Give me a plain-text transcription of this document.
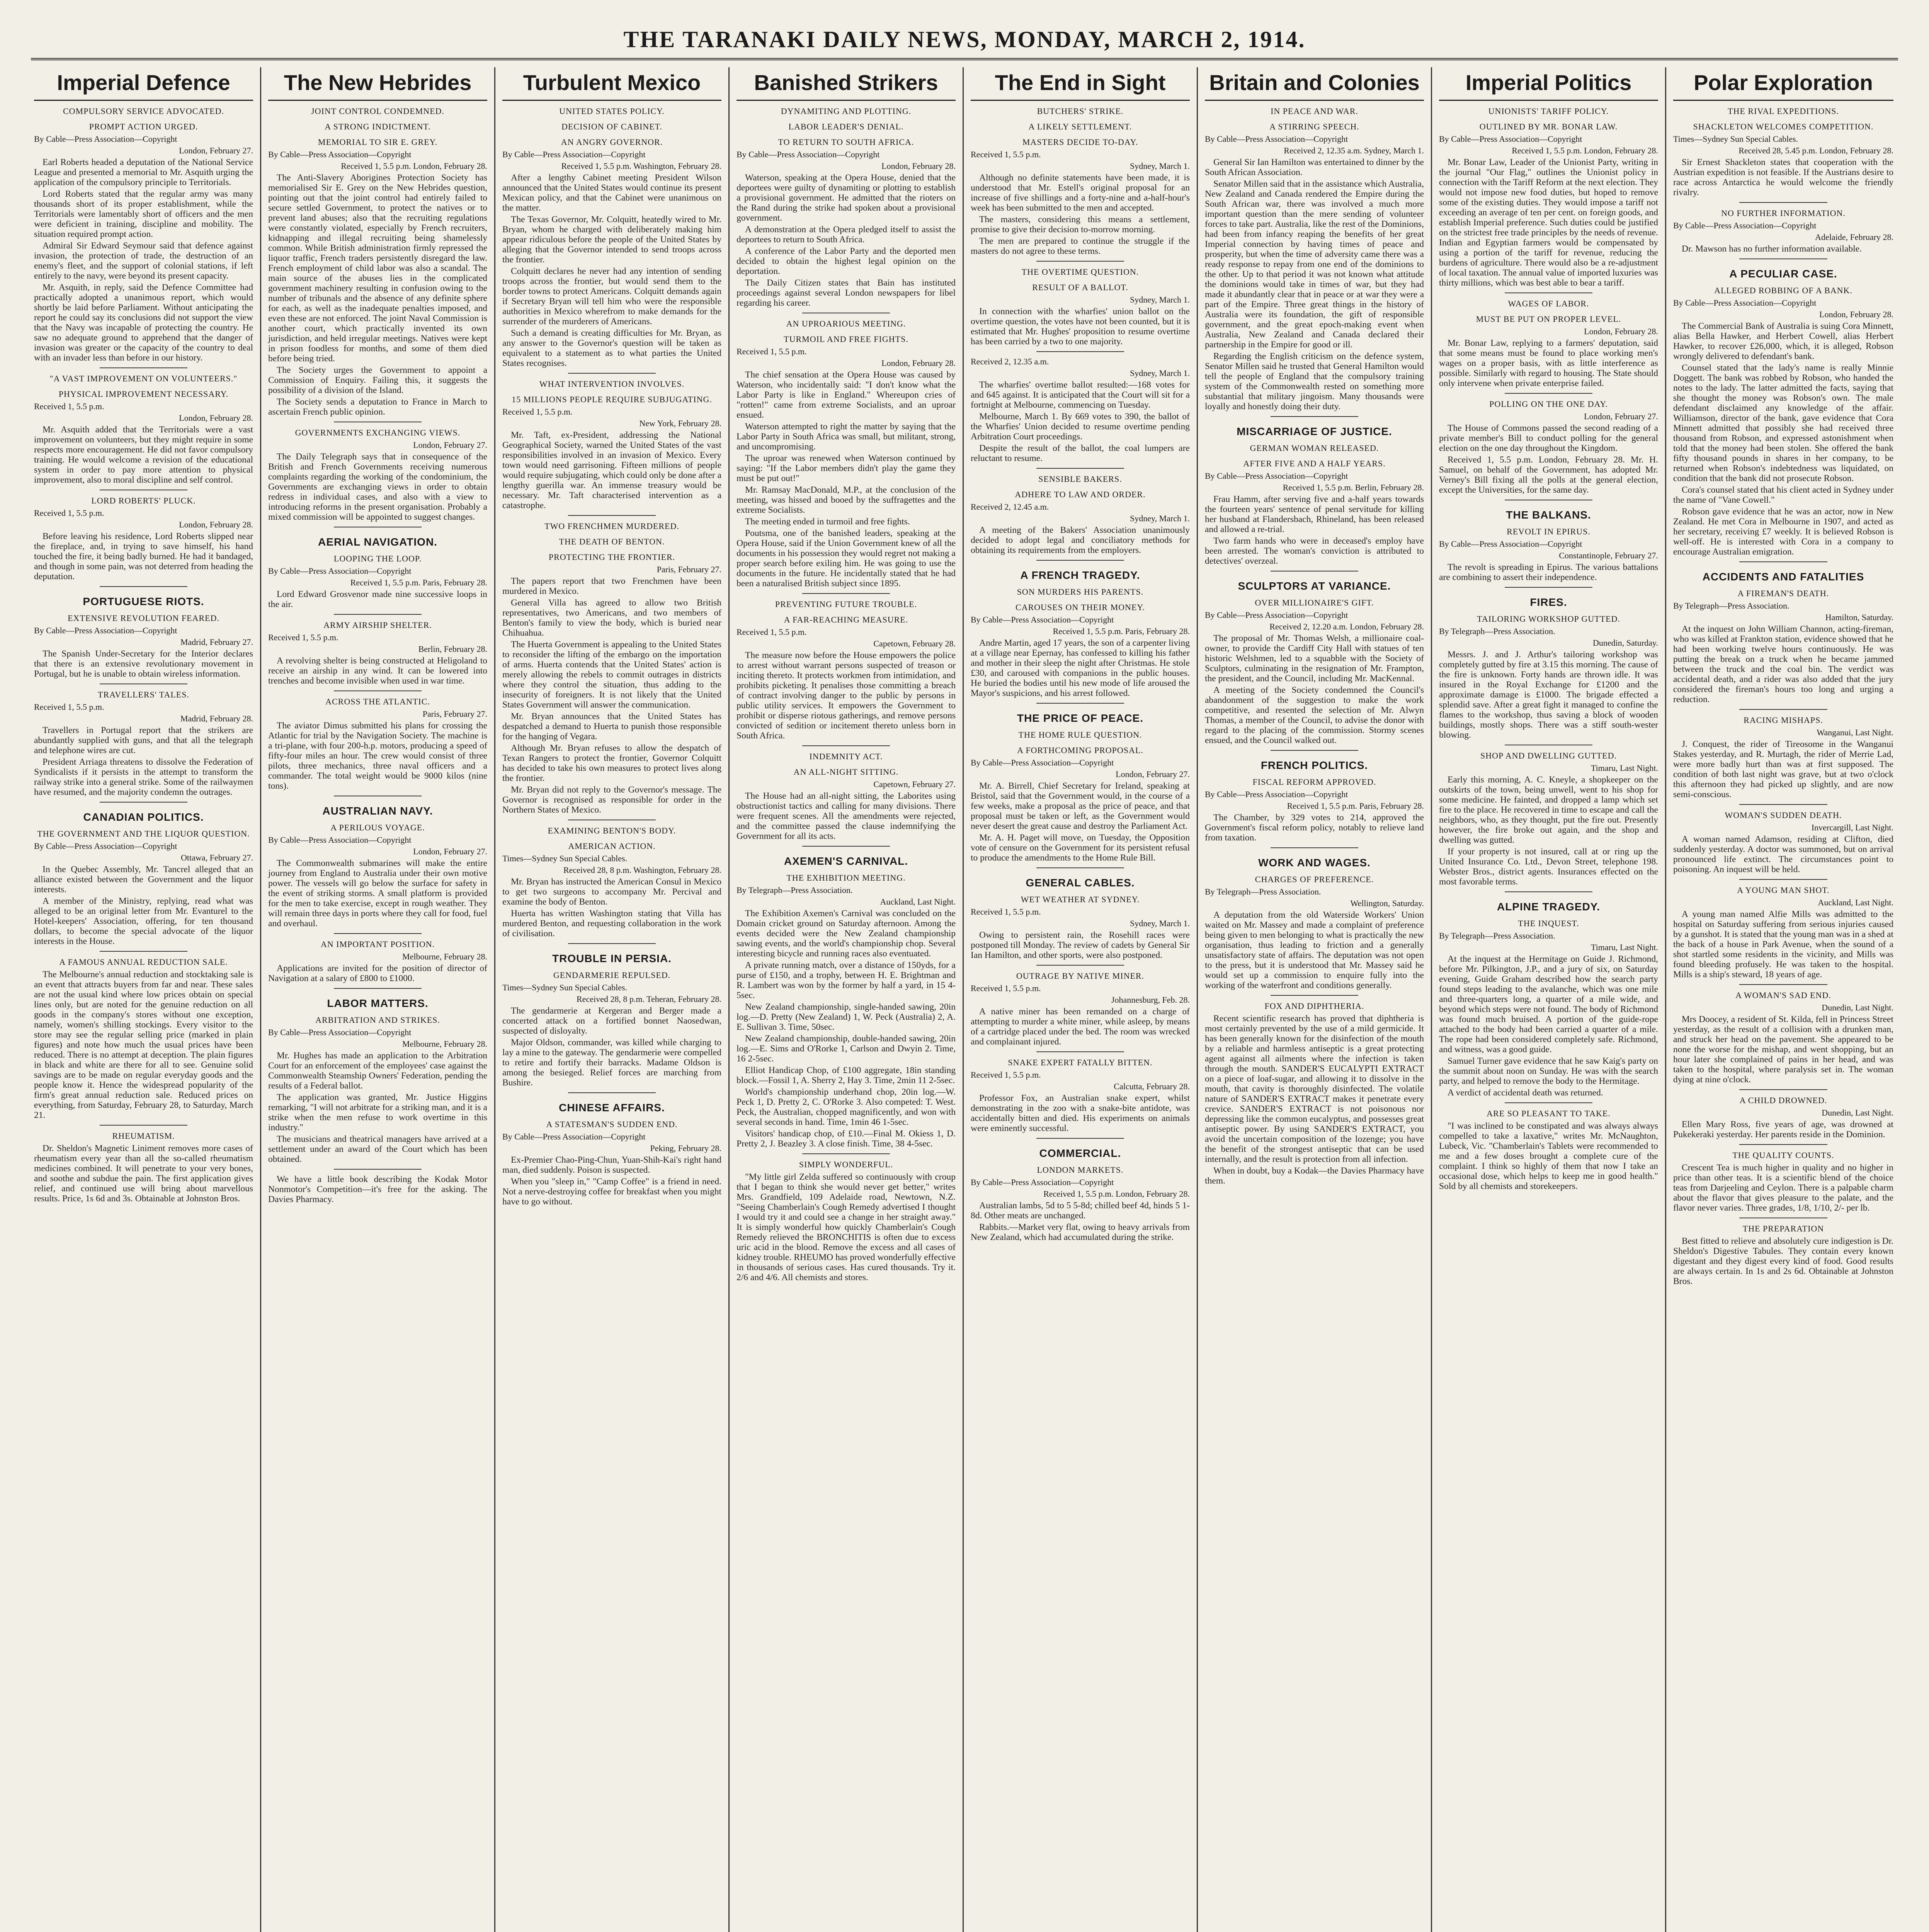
THE TARANAKI DAILY NEWS, MONDAY, MARCH 2, 1914.
Imperial Defence
COMPULSORY SERVICE ADVOCATED.
PROMPT ACTION URGED.
By Cable—Press Association—Copyright
London, February 27.

Earl Roberts headed a deputation of the National Service League and presented a memorial to Mr. Asquith urging the application of the compulsory principle to Territorials.

Lord Roberts stated that the regular army was many thousands short of its proper establishment, while the Territorials were lamentably short of officers and the men were deficient in training, discipline and mobility. The situation required prompt action.

Admiral Sir Edward Seymour said that defence against invasion, the protection of trade, the destruction of an enemy's fleet, and the support of colonial stations, if left entirely to the navy, were beyond its present capacity.

Mr. Asquith, in reply, said the Defence Committee had practically adopted a unanimous report, which would shortly be laid before Parliament. Without anticipating the report he could say its conclusions did not support the view that the Navy was incapable of protecting the country. He saw no adequate ground to apprehend that the danger of invasion was greater or the capacity of the country to deal with an invader less than before in our history.

"A VAST IMPROVEMENT ON VOLUNTEERS."
PHYSICAL IMPROVEMENT NECESSARY.
Received 1, 5.5 p.m.
London, February 28.

Mr. Asquith added that the Territorials were a vast improvement on volunteers, but they might require in some respects more encouragement. He did not favor compulsory training. He would welcome a revision of the educational system in order to pay more attention to physical improvement, also to moral discipline and self control.

LORD ROBERTS' PLUCK.
Received 1, 5.5 p.m.
London, February 28.

Before leaving his residence, Lord Roberts slipped near the fireplace, and, in trying to save himself, his hand touched the fire, it being badly burned. He had it bandaged, and though in some pain, was not deterred from heading the deputation.

PORTUGUESE RIOTS.
EXTENSIVE REVOLUTION FEARED.
By Cable—Press Association—Copyright
Madrid, February 27.

The Spanish Under-Secretary for the Interior declares that there is an extensive revolutionary movement in Portugal, but he is unable to obtain wireless information.

TRAVELLERS' TALES.
Received 1, 5.5 p.m.
Madrid, February 28.

Travellers in Portugal report that the strikers are abundantly supplied with guns, and that all the telegraph and telephone wires are cut.

President Arriaga threatens to dissolve the Federation of Syndicalists if it persists in the attempt to transform the railway strike into a general strike. Some of the railwaymen have resumed, and the majority condemn the outrages.

CANADIAN POLITICS.
THE GOVERNMENT AND THE LIQUOR QUESTION.
By Cable—Press Association—Copyright
Ottawa, February 27.

In the Quebec Assembly, Mr. Tancrel alleged that an alliance existed between the Government and the liquor interests.

A member of the Ministry, replying, read what was alleged to be an original letter from Mr. Evanturel to the Hotel-keepers' Association, offering, for ten thousand dollars, to become the special advocate of the liquor interests in the House.

A FAMOUS ANNUAL REDUCTION SALE.

The Melbourne's annual reduction and stocktaking sale is an event that attracts buyers from far and near. These sales are not the usual kind where low prices obtain on special lines only, but are noted for the genuine reduction on all goods in the company's stores without one exception, namely, women's shilling stockings. Every visitor to the store may see the regular selling price (marked in plain figures) and note how much the usual prices have been reduced. There is no attempt at deception. The plain figures in black and white are there for all to see. Genuine solid savings are to be made on regular everyday goods and the people know it. Hence the widespread popularity of the firm's great annual reduction sale. Reduced prices on everything, from Saturday, February 28, to Saturday, March 21.

RHEUMATISM.

Dr. Sheldon's Magnetic Liniment removes more cases of rheumatism every year than all the so-called rheumatism medicines combined. It will penetrate to your very bones, and soothe and subdue the pain. The first application gives relief, and continued use will bring about marvellous results. Price, 1s 6d and 3s. Obtainable at Johnston Bros.

The New Hebrides
JOINT CONTROL CONDEMNED.
A STRONG INDICTMENT.
MEMORIAL TO SIR E. GREY.
By Cable—Press Association—Copyright
Received 1, 5.5 p.m. London, February 28.

The Anti-Slavery Aborigines Protection Society has memorialised Sir E. Grey on the New Hebrides question, pointing out that the joint control had entirely failed to secure settled Government, to protect the natives or to prevent land abuses; also that the recruiting regulations were constantly violated, especially by French recruiters, kidnapping and illegal recruiting being shamelessly common. While British administration firmly repressed the liquor traffic, French traders persistently disregard the law. French employment of child labor was also a scandal. The main source of the abuses lies in the complicated government machinery resulting in confusion owing to the number of tribunals and the absence of any definite sphere for each, as well as the inadequate penalties imposed, and even these are not enforced. The joint Naval Commission is another court, which practically invented its own jurisdiction, and held irregular meetings. Natives were kept in prison foodless for months, and some of them died before being tried.

The Society urges the Government to appoint a Commission of Enquiry. Failing this, it suggests the possibility of a division of the Island.

The Society sends a deputation to France in March to ascertain French public opinion.

GOVERNMENTS EXCHANGING VIEWS.
London, February 27.

The Daily Telegraph says that in consequence of the British and French Governments receiving numerous complaints regarding the working of the condominium, the Governments are exchanging views in order to obtain redress in individual cases, and also with a view to introducing reforms in the present organisation. Probably a mixed commission will be appointed to suggest changes.

AERIAL NAVIGATION.
LOOPING THE LOOP.
By Cable—Press Association—Copyright
Received 1, 5.5 p.m. Paris, February 28.

Lord Edward Grosvenor made nine successive loops in the air.

ARMY AIRSHIP SHELTER.
Received 1, 5.5 p.m.
Berlin, February 28.

A revolving shelter is being constructed at Heligoland to receive an airship in any wind. It can be lowered into trenches and become invisible when used in war time.

ACROSS THE ATLANTIC.
Paris, February 27.

The aviator Dimus submitted his plans for crossing the Atlantic for trial by the Navigation Society. The machine is a tri-plane, with four 200-h.p. motors, producing a speed of fifty-four miles an hour. The crew would consist of three pilots, three mechanics, three naval officers and a commander. The total weight would be 9000 kilos (nine tons).

AUSTRALIAN NAVY.
A PERILOUS VOYAGE.
By Cable—Press Association—Copyright
London, February 27.

The Commonwealth submarines will make the entire journey from England to Australia under their own motive power. The vessels will go below the surface for safety in the event of striking storms. A small platform is provided for the men to take exercise, except in rough weather. They will remain three days in ports where they call for food, fuel and overhaul.

AN IMPORTANT POSITION.
Melbourne, February 28.

Applications are invited for the position of director of Navigation at a salary of £800 to £1000.

LABOR MATTERS.
ARBITRATION AND STRIKES.
By Cable—Press Association—Copyright
Melbourne, February 28.

Mr. Hughes has made an application to the Arbitration Court for an enforcement of the employees' case against the Commonwealth Steamship Owners' Federation, pending the results of a Federal ballot.

The application was granted, Mr. Justice Higgins remarking, "I will not arbitrate for a striking man, and it is a strike when the men refuse to work overtime in this industry."

The musicians and theatrical managers have arrived at a settlement under an award of the Court which has been obtained.

We have a little book describing the Kodak Motor Nonmotor's Competition—it's free for the asking. The Davies Pharmacy.

Turbulent Mexico
UNITED STATES POLICY.
DECISION OF CABINET.
AN ANGRY GOVERNOR.
By Cable—Press Association—Copyright
Received 1, 5.5 p.m. Washington, February 28.

After a lengthy Cabinet meeting President Wilson announced that the United States would continue its present Mexican policy, and that the Cabinet were unanimous on the matter.

The Texas Governor, Mr. Colquitt, heatedly wired to Mr. Bryan, whom he charged with deliberately making him appear ridiculous before the people of the United States by alleging that the Governor intended to send troops across the frontier.

Colquitt declares he never had any intention of sending troops across the frontier, but would send them to the border towns to protect Americans. Colquitt demands again if Secretary Bryan will tell him who were the responsible authorities in Mexico wherefrom to make demands for the surrender of the murderers of Americans.

Such a demand is creating difficulties for Mr. Bryan, as any answer to the Governor's question will be taken as equivalent to a statement as to what parties the United States recognises.

WHAT INTERVENTION INVOLVES.
15 MILLIONS PEOPLE REQUIRE SUBJUGATING.
Received 1, 5.5 p.m.
New York, February 28.

Mr. Taft, ex-President, addressing the National Geographical Society, warned the United States of the vast responsibilities involved in an invasion of Mexico. Every town would need garrisoning. Fifteen millions of people would require subjugating, which could only be done after a lengthy guerilla war. An immense treasury would be necessary. Mr. Taft characterised intervention as a catastrophe.

TWO FRENCHMEN MURDERED.
THE DEATH OF BENTON.
PROTECTING THE FRONTIER.
Paris, February 27.

The papers report that two Frenchmen have been murdered in Mexico.

General Villa has agreed to allow two British representatives, two Americans, and two members of Benton's family to view the body, which is buried near Chihuahua.

The Huerta Government is appealing to the United States to reconsider the lifting of the embargo on the importation of arms. Huerta contends that the United States' action is merely allowing the rebels to commit outrages in districts where they control the situation, thus adding to the insecurity of foreigners. It is not likely that the United States Government will answer the communication.

Mr. Bryan announces that the United States has despatched a demand to Huerta to punish those responsible for the hanging of Vegara.

Although Mr. Bryan refuses to allow the despatch of Texan Rangers to protect the frontier, Governor Colquitt has decided to take his own measures to protect lives along the frontier.

Mr. Bryan did not reply to the Governor's message. The Governor is recognised as responsible for order in the Northern States of Mexico.

EXAMINING BENTON'S BODY.
AMERICAN ACTION.
Times—Sydney Sun Special Cables.
Received 28, 8 p.m. Washington, February 28.

Mr. Bryan has instructed the American Consul in Mexico to get two surgeons to accompany Mr. Percival and examine the body of Benton.

Huerta has written Washington stating that Villa has murdered Benton, and requesting collaboration in the work of civilisation.

TROUBLE IN PERSIA.
GENDARMERIE REPULSED.
Times—Sydney Sun Special Cables.
Received 28, 8 p.m. Teheran, February 28.

The gendarmerie at Kergeran and Berger made a concerted attack on a fortified bonnet Naosedwan, suspected of disloyalty.

Major Oldson, commander, was killed while charging to lay a mine to the gateway. The gendarmerie were compelled to retire and fortify their barracks. Madame Oldson is among the besieged. Relief forces are marching from Bushire.

CHINESE AFFAIRS.
A STATESMAN'S SUDDEN END.
By Cable—Press Association—Copyright
Peking, February 28.

Ex-Premier Chao-Ping-Chun, Yuan-Shih-Kai's right hand man, died suddenly. Poison is suspected.

When you "sleep in," "Camp Coffee" is a friend in need. Not a nerve-destroying coffee for breakfast when you might have to go without.

Banished Strikers
DYNAMITING AND PLOTTING.
LABOR LEADER'S DENIAL.
TO RETURN TO SOUTH AFRICA.
By Cable—Press Association—Copyright
London, February 28.

Waterson, speaking at the Opera House, denied that the deportees were guilty of dynamiting or plotting to establish a provisional government. He admitted that the rioters on the Rand during the strike had spoken about a provisional government.

A demonstration at the Opera pledged itself to assist the deportees to return to South Africa.

A conference of the Labor Party and the deported men decided to obtain the highest legal opinion on the deportation.

The Daily Citizen states that Bain has instituted proceedings against several London newspapers for libel regarding his career.

AN UPROARIOUS MEETING.
TURMOIL AND FREE FIGHTS.
Received 1, 5.5 p.m.
London, February 28.

The chief sensation at the Opera House was caused by Waterson, who incidentally said: "I don't know what the Labor Party is like in England." Whereupon cries of "rotten!" came from extreme Socialists, and an uproar ensued.

Waterson attempted to right the matter by saying that the Labor Party in South Africa was small, but militant, strong, and uncompromising.

The uproar was renewed when Waterson continued by saying: "If the Labor members didn't play the game they must be put out!"

Mr. Ramsay MacDonald, M.P., at the conclusion of the meeting, was hissed and booed by the suffragettes and the extreme Socialists.

The meeting ended in turmoil and free fights.

Poutsma, one of the banished leaders, speaking at the Opera House, said if the Union Government knew of all the documents in his possession they would regret not making a proper search before exiling him. He was going to use the documents in the future. He incidentally stated that he had been a naturalised British subject since 1895.

PREVENTING FUTURE TROUBLE.
A FAR-REACHING MEASURE.
Received 1, 5.5 p.m.
Capetown, February 28.

The measure now before the House empowers the police to arrest without warrant persons suspected of treason or inciting thereto. It protects workmen from intimidation, and prohibits picketing. It penalises those committing a breach of contract involving danger to the public by persons in public utility services. It empowers the Government to prohibit or disperse riotous gatherings, and remove persons convicted of sedition or incitement thereto unless born in South Africa.

INDEMNITY ACT.
AN ALL-NIGHT SITTING.
Capetown, February 27.

The House had an all-night sitting, the Laborites using obstructionist tactics and calling for many divisions. There were frequent scenes. All the amendments were rejected, and the committee passed the clause indemnifying the Government for all its acts.

AXEMEN'S CARNIVAL.
THE EXHIBITION MEETING.
By Telegraph—Press Association.
Auckland, Last Night.

The Exhibition Axemen's Carnival was concluded on the Domain cricket ground on Saturday afternoon. Among the events decided were the New Zealand championship sawing events, and the world's championship chop. Several interesting bicycle and running races also eventuated.

A private running match, over a distance of 150yds, for a purse of £150, and a trophy, between H. E. Brightman and R. Lambert was won by the former by half a yard, in 15 4-5sec.

New Zealand championship, single-handed sawing, 20in log.—D. Pretty (New Zealand) 1, W. Peck (Australia) 2, A. E. Sullivan 3. Time, 50sec.

New Zealand championship, double-handed sawing, 20in log.—E. Sims and O'Rorke 1, Carlson and Dwyin 2. Time, 16 2-5sec.

Elliot Handicap Chop, of £100 aggregate, 18in standing block.—Fossil 1, A. Sherry 2, Hay 3. Time, 2min 11 2-5sec.

World's championship underhand chop, 20in log.—W. Peck 1, D. Pretty 2, C. O'Rorke 3. Also competed: T. West. Peck, the Australian, chopped magnificently, and won with several seconds in hand. Time, 1min 46 1-5sec.

Visitors' handicap chop, of £10.—Final M. Okiess 1, D. Pretty 2, J. Beazley 3. A close finish. Time, 38 4-5sec.

SIMPLY WONDERFUL.

"My little girl Zelda suffered so continuously with croup that I began to think she would never get better," writes Mrs. Grandfield, 109 Adelaide road, Newtown, N.Z. "Seeing Chamberlain's Cough Remedy advertised I thought I would try it and could see a change in her straight away." It is simply wonderful how quickly Chamberlain's Cough Remedy relieved the BRONCHITIS is often due to excess uric acid in the blood. Remove the excess and all cases of kidney trouble. RHEUMO has proved wonderfully effective in thousands of serious cases. Has cured thousands. Try it. 2/6 and 4/6. All chemists and stores.

The End in Sight
BUTCHERS' STRIKE.
A LIKELY SETTLEMENT.
MASTERS DECIDE TO-DAY.
Received 1, 5.5 p.m.
Sydney, March 1.

Although no definite statements have been made, it is understood that Mr. Estell's original proposal for an increase of five shillings and a forty-nine and a-half-hour's week has been submitted to the men and accepted.

The masters, considering this means a settlement, promise to give their decision to-morrow morning.

The men are prepared to continue the struggle if the masters do not agree to these terms.

THE OVERTIME QUESTION.
RESULT OF A BALLOT.
Sydney, March 1.

In connection with the wharfies' union ballot on the overtime question, the votes have not been counted, but it is estimated that Mr. Hughes' proposition to resume overtime has been carried by a two to one majority.

Received 2, 12.35 a.m.
Sydney, March 1.

The wharfies' overtime ballot resulted:—168 votes for and 645 against. It is anticipated that the Court will sit for a fortnight at Melbourne, commencing on Tuesday.

Melbourne, March 1. By 669 votes to 390, the ballot of the Wharfies' Union decided to resume overtime pending Arbitration Court proceedings.

Despite the result of the ballot, the coal lumpers are reluctant to resume.

SENSIBLE BAKERS.
ADHERE TO LAW AND ORDER.
Received 2, 12.45 a.m.
Sydney, March 1.

A meeting of the Bakers' Association unanimously decided to adopt legal and conciliatory methods for obtaining its requirements from the employers.

A FRENCH TRAGEDY.
SON MURDERS HIS PARENTS.
CAROUSES ON THEIR MONEY.
By Cable—Press Association—Copyright
Received 1, 5.5 p.m. Paris, February 28.

Andre Martin, aged 17 years, the son of a carpenter living at a village near Epernay, has confessed to killing his father and mother in their sleep the night after Christmas. He stole £30, and caroused with companions in the public houses. He buried the bodies until his new mode of life aroused the Mayor's suspicions, and his arrest followed.

THE PRICE OF PEACE.
THE HOME RULE QUESTION.
A FORTHCOMING PROPOSAL.
By Cable—Press Association—Copyright
London, February 27.

Mr. A. Birrell, Chief Secretary for Ireland, speaking at Bristol, said that the Government would, in the course of a few weeks, make a proposal as the price of peace, and that proposal must be taken or left, as the Government would never desert the great cause and destroy the Parliament Act.

Mr. A. H. Paget will move, on Tuesday, the Opposition vote of censure on the Government for its persistent refusal to produce the amendments to the Home Rule Bill.

GENERAL CABLES.
WET WEATHER AT SYDNEY.
Received 1, 5.5 p.m.
Sydney, March 1.

Owing to persistent rain, the Rosehill races were postponed till Monday. The review of cadets by General Sir Ian Hamilton, and other sports, were also postponed.

OUTRAGE BY NATIVE MINER.
Received 1, 5.5 p.m.
Johannesburg, Feb. 28.

A native miner has been remanded on a charge of attempting to murder a white miner, while asleep, by means of a cartridge placed under the bed. The room was wrecked and complainant injured.

SNAKE EXPERT FATALLY BITTEN.
Received 1, 5.5 p.m.
Calcutta, February 28.

Professor Fox, an Australian snake expert, whilst demonstrating in the zoo with a snake-bite antidote, was accidentally bitten and died. His experiments on animals were eminently successful.

COMMERCIAL.
LONDON MARKETS.
By Cable—Press Association—Copyright
Received 1, 5.5 p.m. London, February 28.

Australian lambs, 5d to 5 5-8d; chilled beef 4d, hinds 5 1-8d. Other meats are unchanged.

Rabbits.—Market very flat, owing to heavy arrivals from New Zealand, which had accumulated during the strike.

Britain and Colonies
IN PEACE AND WAR.
A STIRRING SPEECH.
By Cable—Press Association—Copyright
Received 2, 12.35 a.m. Sydney, March 1.

General Sir Ian Hamilton was entertained to dinner by the South African Association.

Senator Millen said that in the assistance which Australia, New Zealand and Canada rendered the Empire during the South African war, there was involved a much more important question than the mere sending of volunteer forces to take part. Australia, like the rest of the Dominions, had been from infancy reaping the benefits of her great Imperial connection by having times of peace and prosperity, but when the time of adversity came there was a ready response to repay from one end of the dominions to the other. Up to that period it was not known what attitude the dominions would take in times of war, but they had made it abundantly clear that in peace or at war they were a part of the Empire. Three great things in the history of Australia were its foundation, the gift of responsible government, and the great epoch-making event when Australia, New Zealand and Canada declared their partnership in the Empire for good or ill.

Regarding the English criticism on the defence system, Senator Millen said he trusted that General Hamilton would tell the people of England that the compulsory training system of the Commonwealth rested on something more substantial that military jingoism. Many thousands were loyally and honestly doing their duty.

MISCARRIAGE OF JUSTICE.
GERMAN WOMAN RELEASED.
AFTER FIVE AND A HALF YEARS.
By Cable—Press Association—Copyright
Received 1, 5.5 p.m. Berlin, February 28.

Frau Hamm, after serving five and a-half years towards the fourteen years' sentence of penal servitude for killing her husband at Flandersbach, Rhineland, has been released and allowed a re-trial.

Two farm hands who were in deceased's employ have been arrested. The woman's conviction is attributed to detectives' overzeal.

SCULPTORS AT VARIANCE.
OVER MILLIONAIRE'S GIFT.
By Cable—Press Association—Copyright
Received 2, 12.20 a.m. London, February 28.

The proposal of Mr. Thomas Welsh, a millionaire coal-owner, to provide the Cardiff City Hall with statues of ten historic Welshmen, led to a squabble with the Society of Sculptors, culminating in the resignation of Mr. Frampton, the president, and the Council, including Mr. MacKennal.

A meeting of the Society condemned the Council's abandonment of the suggestion to make the work competitive, and resented the selection of Mr. Alwyn Thomas, a member of the Council, to advise the donor with regard to the placing of the commission. Stormy scenes ensued, and the Council walked out.

FRENCH POLITICS.
FISCAL REFORM APPROVED.
By Cable—Press Association—Copyright
Received 1, 5.5 p.m. Paris, February 28.

The Chamber, by 329 votes to 214, approved the Government's fiscal reform policy, notably to relieve land from taxation.

WORK AND WAGES.
CHARGES OF PREFERENCE.
By Telegraph—Press Association.
Wellington, Saturday.

A deputation from the old Waterside Workers' Union waited on Mr. Massey and made a complaint of preference being given to men belonging to what is practically the new organisation, thus leading to friction and a generally unsatisfactory state of affairs. The deputation was not open to the press, but it is understood that Mr. Massey said he would set up a commission to enquire fully into the working of the waterfront and conditions generally.

FOX AND DIPHTHERIA.

Recent scientific research has proved that diphtheria is most certainly prevented by the use of a mild germicide. It has been generally known for the disinfection of the mouth by a reliable and harmless antiseptic is a great protecting agent against all ailments where the infection is taken through the mouth. SANDER'S EUCALYPTI EXTRACT on a piece of loaf-sugar, and allowing it to dissolve in the mouth, that cavity is thoroughly disinfected. The volatile nature of SANDER'S EXTRACT makes it penetrate every crevice. SANDER'S EXTRACT is not poisonous nor depressing like the common eucalyptus, and possesses great antiseptic power. By using SANDER'S EXTRACT, you avoid the uncertain composition of the lozenge; you have the benefit of the strongest antiseptic that can be used internally, and the result is protection from all infection.

When in doubt, buy a Kodak—the Davies Pharmacy have them.

Imperial Politics
UNIONISTS' TARIFF POLICY.
OUTLINED BY MR. BONAR LAW.
By Cable—Press Association—Copyright
Received 1, 5.5 p.m. London, February 28.

Mr. Bonar Law, Leader of the Unionist Party, writing in the journal "Our Flag," outlines the Unionist policy in connection with the Tariff Reform at the next election. They would not impose new food duties, but hoped to remove some of the existing duties. They would impose a tariff not exceeding an average of ten per cent. on foreign goods, and establish Imperial preference. Such duties could be justified on the strictest free trade principles by the needs of revenue. Indian and Egyptian farmers would be compensated by using a portion of the tariff for revenue, reducing the burdens of agriculture. There would also be a re-adjustment of local taxation. The annual value of imported luxuries was thirty millions, which was best able to bear a tariff.

WAGES OF LABOR.
MUST BE PUT ON PROPER LEVEL.
London, February 28.

Mr. Bonar Law, replying to a farmers' deputation, said that some means must be found to place working men's wages on a proper basis, with as little interference as possible. Similarly with regard to housing. The State should only intervene when private enterprise failed.

POLLING ON THE ONE DAY.
London, February 27.

The House of Commons passed the second reading of a private member's Bill to conduct polling for the general election on the one day throughout the Kingdom.

Received 1, 5.5 p.m. London, February 28. Mr. H. Samuel, on behalf of the Government, has adopted Mr. Verney's Bill fixing all the polls at the general election, except the Universities, for the same day.

THE BALKANS.
REVOLT IN EPIRUS.
By Cable—Press Association—Copyright
Constantinople, February 27.

The revolt is spreading in Epirus. The various battalions are combining to assert their independence.

FIRES.
TAILORING WORKSHOP GUTTED.
By Telegraph—Press Association.
Dunedin, Saturday.

Messrs. J. and J. Arthur's tailoring workshop was completely gutted by fire at 3.15 this morning. The cause of the fire is unknown. Forty hands are thrown idle. It was insured in the Royal Exchange for £1200 and the approximate damage is £1000. The brigade effected a splendid save. After a great fight it managed to confine the flames to the workshop, thus saving a block of wooden buildings, mostly shops. There was a stiff south-wester blowing.

SHOP AND DWELLING GUTTED.
Timaru, Last Night.

Early this morning, A. C. Kneyle, a shopkeeper on the outskirts of the town, being unwell, went to his shop for some medicine. He fainted, and dropped a lamp which set fire to the place. He recovered in time to escape and call the neighbors, who, as they thought, put the fire out. Presently however, the fire broke out again, and the shop and dwelling was gutted.

If your property is not insured, call at or ring up the United Insurance Co. Ltd., Devon Street, telephone 198. Webster Bros., district agents. Insurances effected on the most favorable terms.

ALPINE TRAGEDY.
THE INQUEST.
By Telegraph—Press Association.
Timaru, Last Night.

At the inquest at the Hermitage on Guide J. Richmond, before Mr. Pilkington, J.P., and a jury of six, on Saturday evening, Guide Graham described how the search party found steps leading to the avalanche, which was one mile and three-quarters long, a quarter of a mile wide, and beyond which steps were not found. The body of Richmond was found much bruised. A portion of the guide-rope attached to the body had been carried a quarter of a mile. The rope had been considered completely safe. Richmond, and witness, was a good guide.

Samuel Turner gave evidence that he saw Kaig's party on the summit about noon on Sunday. He was with the search party, and helped to remove the body to the Hermitage.

A verdict of accidental death was returned.

ARE SO PLEASANT TO TAKE.

"I was inclined to be constipated and was always always compelled to take a laxative," writes Mr. McNaughton, Lubeck, Vic. "Chamberlain's Tablets were recommended to me and a few doses brought a complete cure of the complaint. I think so highly of them that now I take an occasional dose, which helps to keep me in good health." Sold by all chemists and storekeepers.

Polar Exploration
THE RIVAL EXPEDITIONS.
SHACKLETON WELCOMES COMPETITION.
Times—Sydney Sun Special Cables.
Received 28, 5.45 p.m. London, February 28.

Sir Ernest Shackleton states that cooperation with the Austrian expedition is not feasible. If the Austrians desire to race across Antarctica he would welcome the friendly rivalry.

NO FURTHER INFORMATION.
By Cable—Press Association—Copyright
Adelaide, February 28.

Dr. Mawson has no further information available.

A PECULIAR CASE.
ALLEGED ROBBING OF A BANK.
By Cable—Press Association—Copyright
London, February 28.

The Commercial Bank of Australia is suing Cora Minnett, alias Bella Hawker, and Herbert Cowell, alias Herbert Hawker, to recover £26,000, which, it is alleged, Robson wrongly delivered to defendant's bank.

Counsel stated that the lady's name is really Minnie Doggett. The bank was robbed by Robson, who handed the notes to the lady. The latter admitted the facts, saying that she thought the money was Robson's own. The male defendant disclaimed any knowledge of the affair. Williamson, director of the bank, gave evidence that Cora Minnett admitted that possibly she had received three thousand from Robson, and expressed astonishment when told that the money had been stolen. She offered the bank fifty thousand pounds in shares in her company, to be returned when Robson's indebtedness was liquidated, on condition that the bank did not prosecute Robson.

Cora's counsel stated that his client acted in Sydney under the name of "Vane Cowell."

Robson gave evidence that he was an actor, now in New Zealand. He met Cora in Melbourne in 1907, and acted as her secretary, receiving £7 weekly. It is believed Robson is well-off. He is interested with Cora in a company to encourage Australian emigration.

ACCIDENTS AND FATALITIES
A FIREMAN'S DEATH.
By Telegraph—Press Association.
Hamilton, Saturday.

At the inquest on John William Channon, acting-fireman, who was killed at Frankton station, evidence showed that he had been working twelve hours continuously. He was putting the break on a truck when he became jammed between the truck and the coal bin. The verdict was accidental death, and a rider was also added that the jury considered the fireman's hours too long and urging a reduction.

RACING MISHAPS.
Wanganui, Last Night.

J. Conquest, the rider of Tireosome in the Wanganui Stakes yesterday, and R. Murtagh, the rider of Merrie Lad, were more badly hurt than was at first supposed. The condition of both last night was grave, but at two o'clock this afternoon they had picked up slightly, and are now semi-conscious.

WOMAN'S SUDDEN DEATH.
Invercargill, Last Night.

A woman named Adamson, residing at Clifton, died suddenly yesterday. A doctor was summoned, but on arrival pronounced life extinct. The circumstances point to poisoning. An inquest will be held.

A YOUNG MAN SHOT.
Auckland, Last Night.

A young man named Alfie Mills was admitted to the hospital on Saturday suffering from serious injuries caused by a gunshot. It is stated that the young man was in a shed at the back of a house in Park Avenue, when the sound of a shot startled some residents in the vicinity, and Mills was found bleeding profusely. He was taken to the hospital. Mills is a ship's steward, 18 years of age.

A WOMAN'S SAD END.
Dunedin, Last Night.

Mrs Doocey, a resident of St. Kilda, fell in Princess Street yesterday, as the result of a collision with a drunken man, and struck her head on the pavement. She appeared to be none the worse for the mishap, and went shopping, but an hour later she complained of pains in her head, and was taken to the hospital, where paralysis set in. The woman dying at nine o'clock.

A CHILD DROWNED.
Dunedin, Last Night.

Ellen Mary Ross, five years of age, was drowned at Pukekeraki yesterday. Her parents reside in the Dominion.

THE QUALITY COUNTS.

Crescent Tea is much higher in quality and no higher in price than other teas. It is a scientific blend of the choice teas from Darjeeling and Ceylon. There is a palpable charm about the flavor that gives pleasure to the palate, and the flavor never varies. Three grades, 1/8, 1/10, 2/- per lb.

THE PREPARATION

Best fitted to relieve and absolutely cure indigestion is Dr. Sheldon's Digestive Tabules. They contain every known digestant and they digest every kind of food. Good results are always certain. In 1s and 2s 6d. Obtainable at Johnston Bros.
